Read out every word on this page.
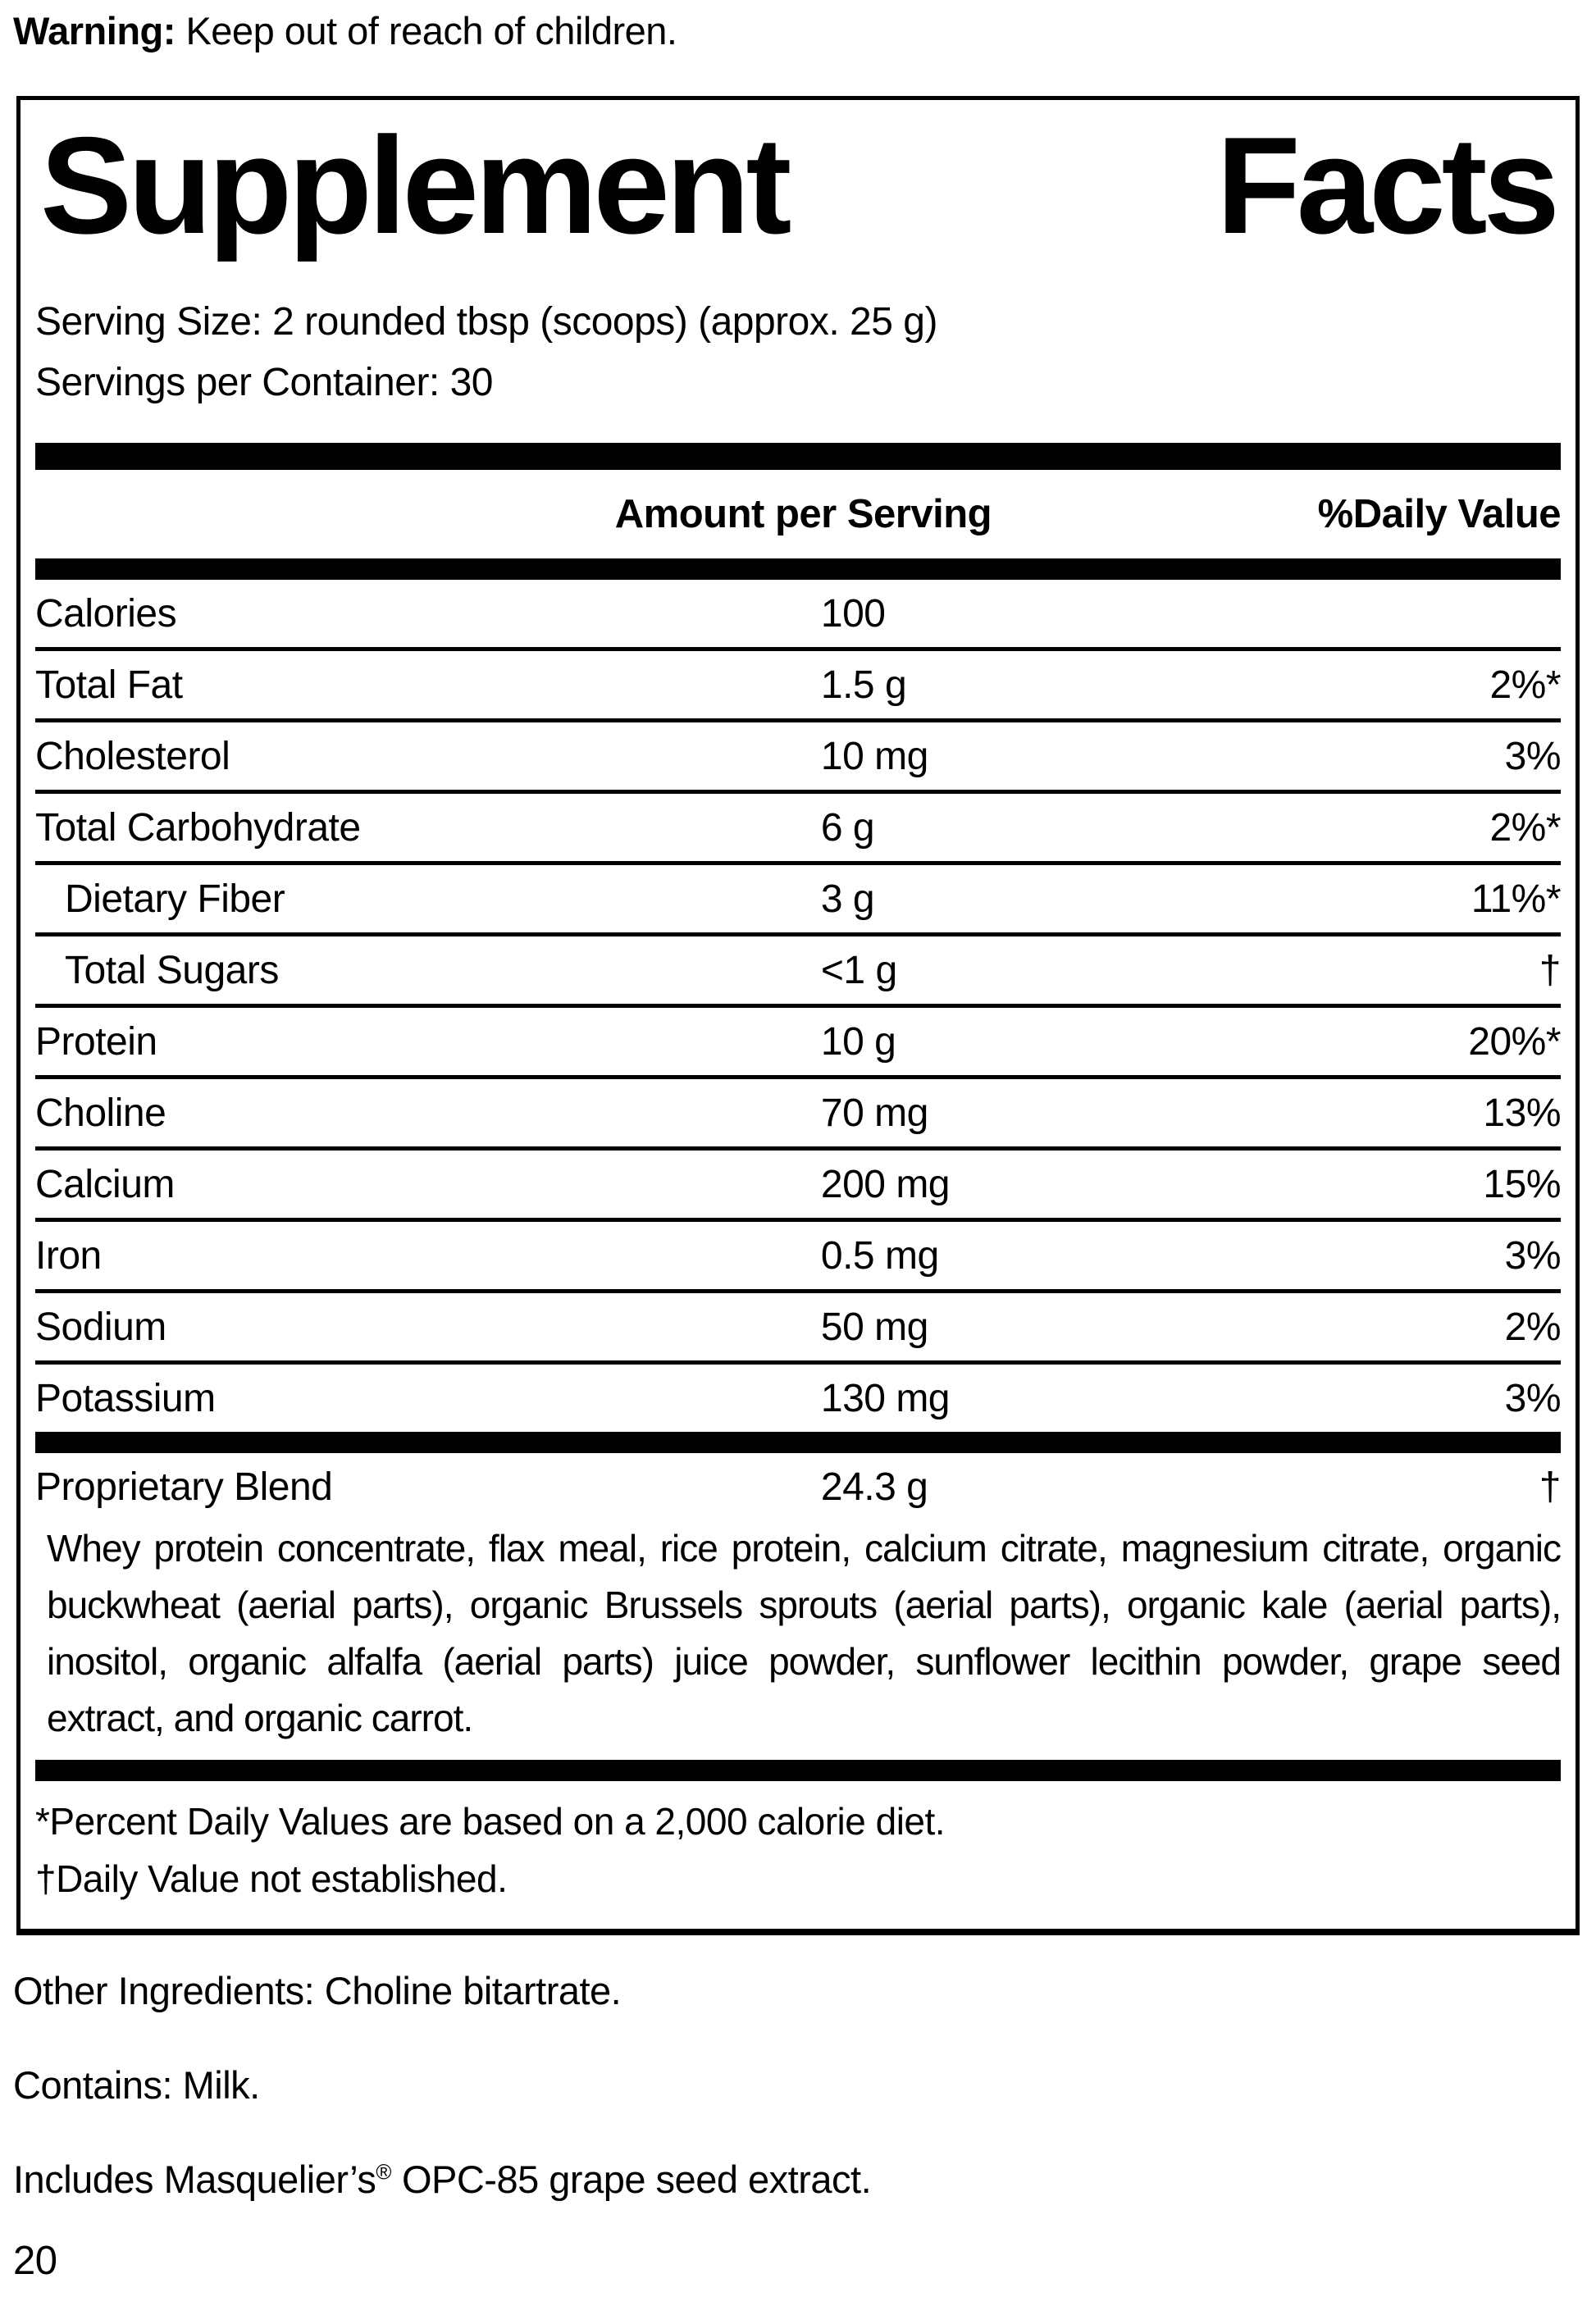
Warning: Keep out of reach of children.
Supplement	Facts
Serving Size: 2 rounded tbsp (scoops) (approx. 25 g)
Servings per Container: 30
Amount per Serving	%Daily Value
Calories	100
Total Fat	1.5 g	2%*
Cholesterol	10 mg	3%
Total Carbohydrate	6 g	2%*
Dietary Fiber	3 g	11%*
Total Sugars	<1 g	†
Protein	10 g	20%*
Choline	70 mg	13%
Calcium	200 mg	15%
Iron	0.5 mg	3%
Sodium	50 mg	2%
Potassium	130 mg	3%
Proprietary Blend	24.3 g	†

Whey protein concentrate, flax meal, rice protein, calcium citrate, magnesium citrate, organic buckwheat (aerial parts), organic Brussels sprouts (aerial parts), organic kale (aerial parts), inositol, organic alfalfa (aerial parts) juice powder, sunflower lecithin powder, grape seed extract, and organic carrot.

*Percent Daily Values are based on a 2,000 calorie diet.
†Daily Value not established.
Other Ingredients: Choline bitartrate.
Contains: Milk.
Includes Masquelier’s® OPC-85 grape seed extract.
20
